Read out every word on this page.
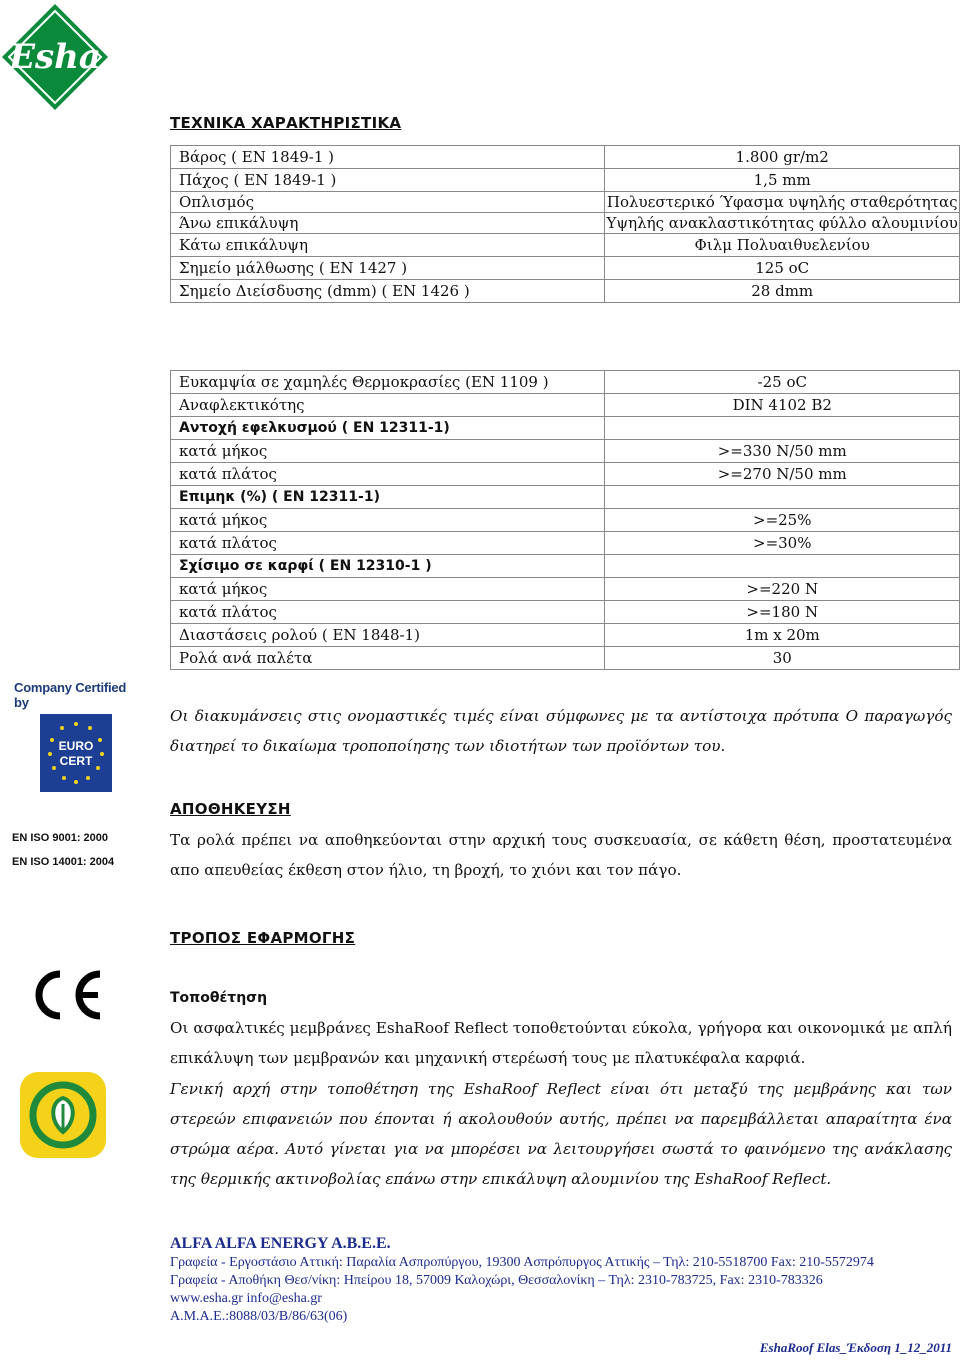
Esha
Company Certified by
EURO
CERT
EN ISO 9001: 2000
EN ISO 14001: 2004
ΤΕΧΝΙΚΑ ΧΑΡΑΚΤΗΡΙΣΤΙΚΑ
Βάρος ( EN 1849-1 )	1.800 gr/m2
Πάχος ( EN 1849-1 )	1,5 mm
Οπλισμός	Πολυεστερικό Ύφασμα υψηλής σταθερότητας
Άνω επικάλυψη	Υψηλής ανακλαστικότητας φύλλο αλουμινίου
Κάτω επικάλυψη	Φιλμ Πολυαιθυελενίου
Σημείο μάλθωσης ( EN 1427 )	125 oC
Σημείο Διείσδυσης (dmm) ( EN 1426 )	28 dmm
Ευκαμψία σε χαμηλές Θερμοκρασίες (EN 1109 )	-25 oC
Αναφλεκτικότης	DIN 4102 B2
Αντοχή εφελκυσμού ( EN 12311-1)	
κατά μήκος	>=330 N/50 mm
κατά πλάτος	>=270 N/50 mm
Επιμηκ (%) ( EN 12311-1)	
κατά μήκος	>=25%
κατά πλάτος	>=30%
Σχίσιμο σε καρφί ( EN 12310-1 )	
κατά μήκος	>=220 N
κατά πλάτος	>=180 N
Διαστάσεις ρολού ( EN 1848-1)	1m x 20m
Ρολά ανά παλέτα	30
Οι διακυμάνσεις στις ονομαστικές τιμές είναι σύμφωνες με τα αντίστοιχα πρότυπα Ο παραγωγός διατηρεί το δικαίωμα τροποποίησης των ιδιοτήτων των προϊόντων του.
ΑΠΟΘΗΚΕΥΣΗ
Τα ρολά πρέπει να αποθηκεύονται στην αρχική τους συσκευασία, σε κάθετη θέση, προστατευμένα απο απευθείας έκθεση στον ήλιο, τη βροχή, το χιόνι και τον πάγο.
ΤΡΟΠΟΣ ΕΦΑΡΜΟΓΗΣ
Τοποθέτηση
Οι ασφαλτικές μεμβράνες EshaRoof Reflect τοποθετούνται εύκολα, γρήγορα και οικονομικά με απλή επικάλυψη των μεμβρανών και μηχανική στερέωσή τους με πλατυκέφαλα καρφιά.
Γενική αρχή στην τοποθέτηση της EshaRoof Reflect είναι ότι μεταξύ της μεμβράνης και των στερεών επιφανειών που έπονται ή ακολουθούν αυτής, πρέπει να παρεμβάλλεται απαραίτητα ένα στρώμα αέρα. Αυτό γίνεται για να μπορέσει να λειτουργήσει σωστά το φαινόμενο της ανάκλασης της θερμικής ακτινοβολίας επάνω στην επικάλυψη αλουμινίου της EshaRoof Reflect.
ALFA ALFA ENERGY A.B.E.E.
Γραφεία - Εργοστάσιο Αττική: Παραλία Ασπροπύργου, 19300 Ασπρόπυργος Αττικής – Τηλ: 210-5518700 Fax: 210-5572974
Γραφεία - Αποθήκη Θεσ/νίκη: Ηπείρου 18, 57009 Καλοχώρι, Θεσσαλονίκη – Τηλ: 2310-783725, Fax: 2310-783326
www.esha.gr info@esha.gr
Α.Μ.Α.Ε.:8088/03/Β/86/63(06)
EshaRoof Elas_Έκδοση 1_12_2011
